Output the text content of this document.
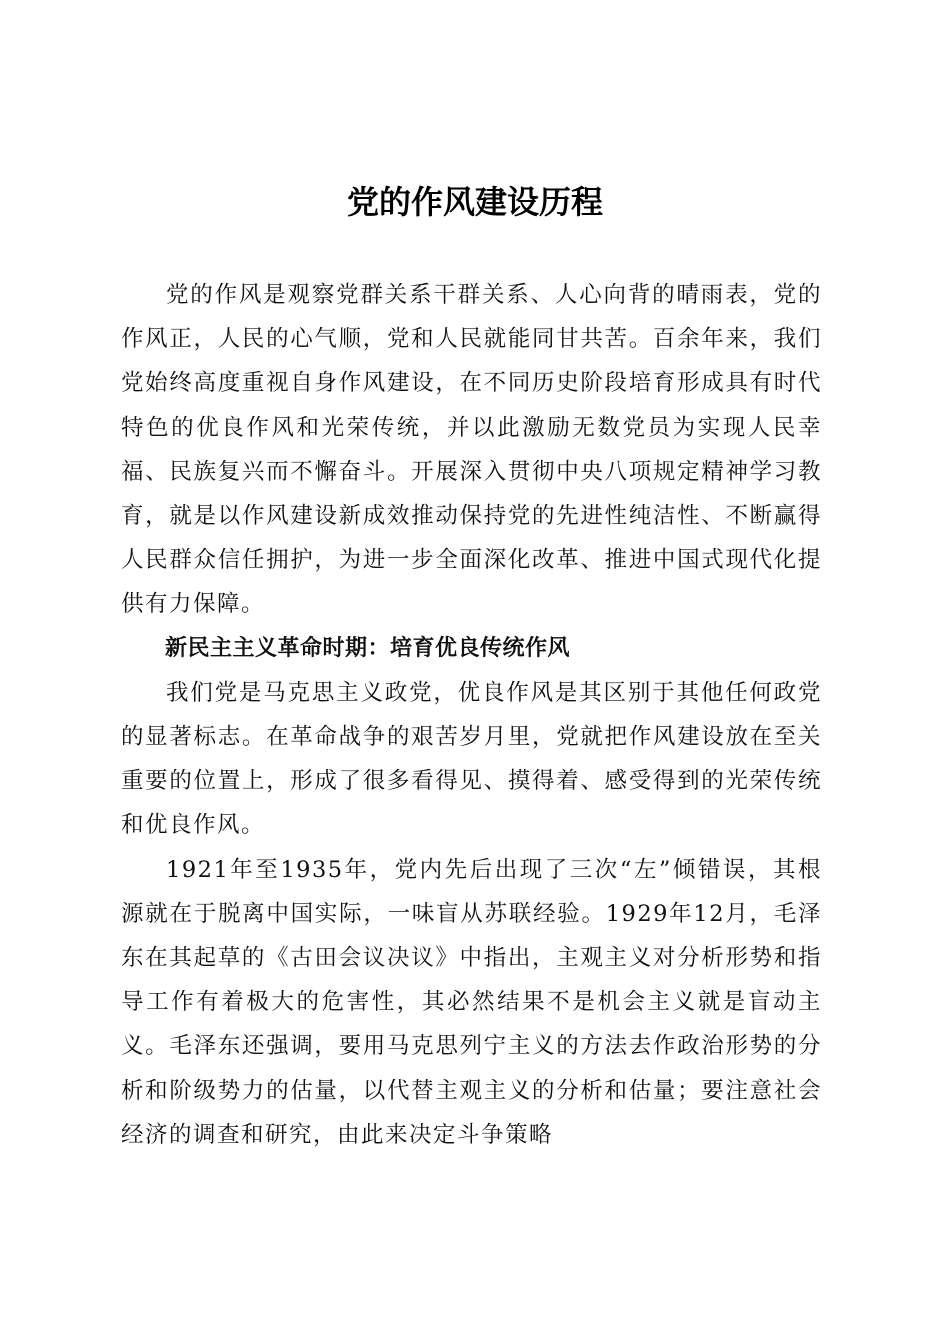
党的作风建设历程

党的作风是观察党群关系干群关系、人心向背的晴雨表，党的作风正，人民的心气顺，党和人民就能同甘共苦。百余年来，我们党始终高度重视自身作风建设，在不同历史阶段培育形成具有时代特色的优良作风和光荣传统，并以此激励无数党员为实现人民幸福、民族复兴而不懈奋斗。开展深入贯彻中央八项规定精神学习教育，就是以作风建设新成效推动保持党的先进性纯洁性、不断赢得人民群众信任拥护，为进一步全面深化改革、推进中国式现代化提供有力保障。

新民主主义革命时期：培育优良传统作风

我们党是马克思主义政党，优良作风是其区别于其他任何政党的显著标志。在革命战争的艰苦岁月里，党就把作风建设放在至关重要的位置上，形成了很多看得见、摸得着、感受得到的光荣传统和优良作风。

1921年至1935年，党内先后出现了三次“左”倾错误，其根源就在于脱离中国实际，一味盲从苏联经验。1929年12月，毛泽东在其起草的《古田会议决议》中指出，主观主义对分析形势和指导工作有着极大的危害性，其必然结果不是机会主义就是盲动主义。毛泽东还强调，要用马克思列宁主义的方法去作政治形势的分析和阶级势力的估量，以代替主观主义的分析和估量；要注意社会经济的调查和研究，由此来决定斗争策略
